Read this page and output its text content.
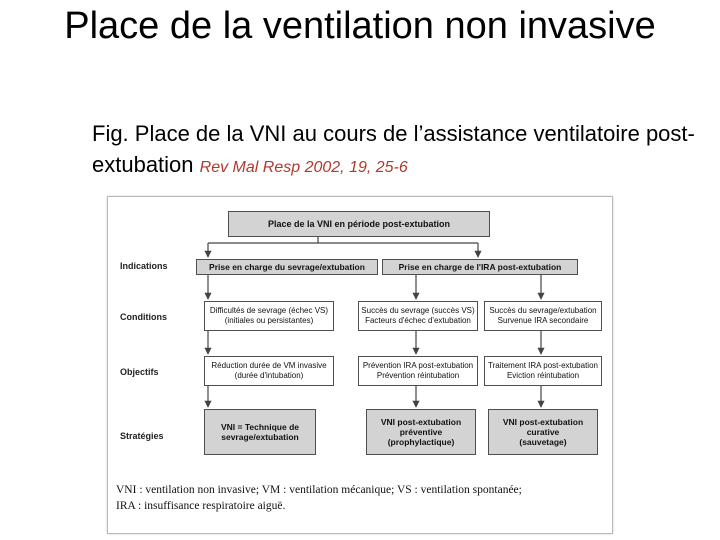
Place de la ventilation non invasive
Fig. Place de la VNI au cours de l’assistance ventilatoire post-extubation Rev Mal Resp 2002, 19, 25-6
Place de la VNI en période post-extubation
Indications
Conditions
Objectifs
Stratégies
Prise en charge du sevrage/extubation	Prise en charge de l'IRA post-extubation
Difficultés de sevrage (échec VS)
(initiales ou persistantes)
Succès du sevrage (succès VS)
Facteurs d'échec d'extubation
Succès du sevrage/extubation
Survenue IRA secondaire
Réduction durée de VM invasive
(durée d'intubation)
Prévention IRA post-extubation
Prévention réintubation
Traitement IRA post-extubation
Eviction réintubation
VNI = Technique de
sevrage/extubation
VNI post-extubation
préventive
(prophylactique)
VNI post-extubation
curative
(sauvetage)
VNI : ventilation non invasive; VM : ventilation mécanique; VS : ventilation spontanée;
IRA : insuffisance respiratoire aiguë.
